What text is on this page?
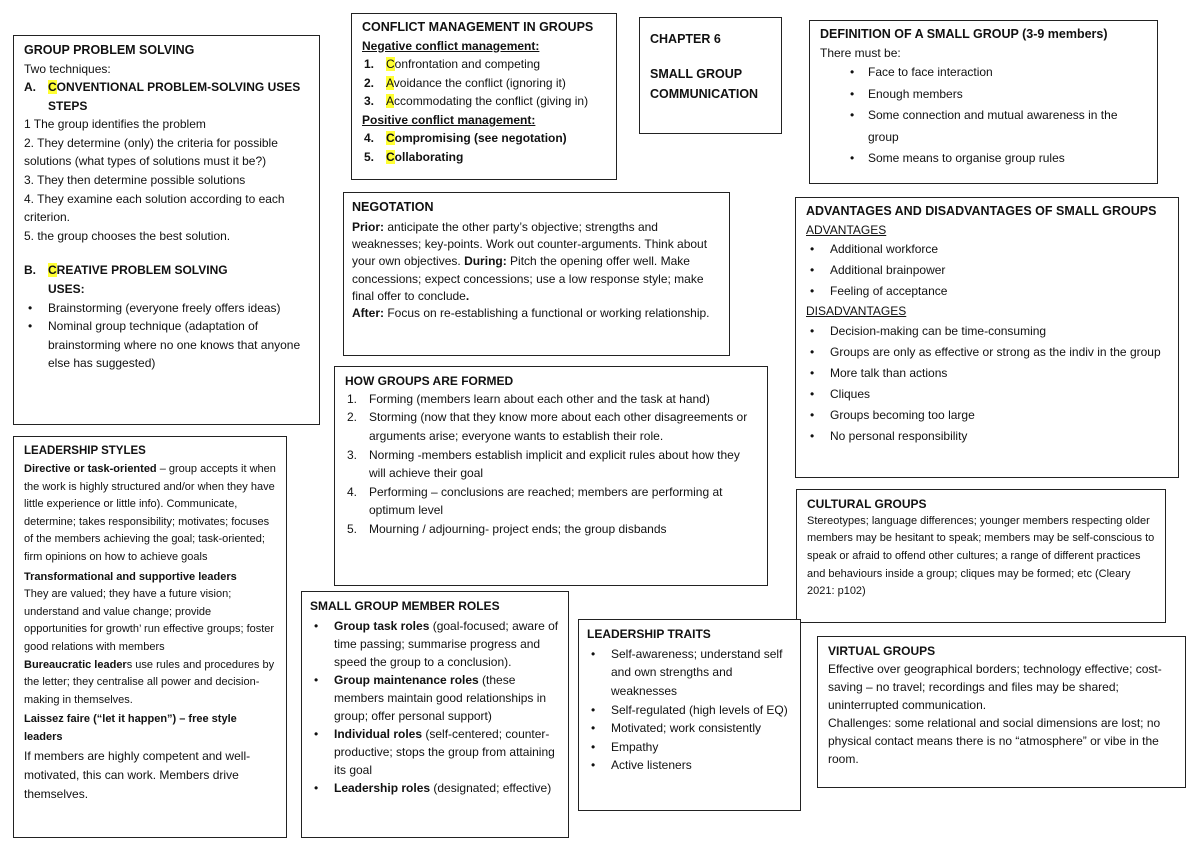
GROUP PROBLEM SOLVING

Two techniques:

A. CONVENTIONAL PROBLEM-SOLVING USES
STEPS

1 The group identifies the problem

2. They determine (only) the criteria for possible solutions (what types of solutions must it be?)

3. They then determine possible solutions

4. They examine each solution according to each criterion.

5. the group chooses the best solution.

B. CREATIVE PROBLEM SOLVING
USES:
• Brainstorming (everyone freely offers ideas)
• Nominal group technique (adaptation of brainstorming where no one knows that anyone else has suggested)
CONFLICT MANAGEMENT IN GROUPS
Negative conflict management:
1. Confrontation and competing
2. Avoidance the conflict (ignoring it)
3. Accommodating the conflict (giving in)
Positive conflict management:
4. Compromising (see negotation)
5. Collaborating
CHAPTER 6
SMALL GROUP
COMMUNICATION
DEFINITION OF A SMALL GROUP (3-9 members)

There must be:

• Face to face interaction
• Enough members
• Some connection and mutual awareness in the group
• Some means to organise group rules
NEGOTATION

Prior: anticipate the other party’s objective; strengths and weaknesses; key-points. Work out counter-arguments. Think about your own objectives. During: Pitch the opening offer well. Make concessions; expect concessions; use a low response style; make final offer to conclude.

After: Focus on re-establishing a functional or working relationship.

ADVANTAGES AND DISADVANTAGES OF SMALL GROUPS
ADVANTAGES
• Additional workforce
• Additional brainpower
• Feeling of acceptance
DISADVANTAGES
• Decision-making can be time-consuming
• Groups are only as effective or strong as the indiv in the group
• More talk than actions
• Cliques
• Groups becoming too large
• No personal responsibility
HOW GROUPS ARE FORMED
1. Forming (members learn about each other and the task at hand)
2. Storming (now that they know more about each other disagreements or arguments arise; everyone wants to establish their role.
3. Norming -members establish implicit and explicit rules about how they will achieve their goal
4. Performing – conclusions are reached; members are performing at optimum level
5. Mourning / adjourning- project ends; the group disbands
LEADERSHIP STYLES

Directive or task-oriented – group accepts it when the work is highly structured and/or when they have little experience or little info). Communicate, determine; takes responsibility; motivates; focuses of the members achieving the goal; task-oriented; firm opinions on how to achieve goals

Transformational and supportive leaders

They are valued; they have a future vision; understand and value change; provide opportunities for growth’ run effective groups; foster good relations with members

Bureaucratic leaders use rules and procedures by the letter; they centralise all power and decision-making in themselves.

Laissez faire (“let it happen”) – free style leaders

If members are highly competent and well-motivated, this can work. Members drive themselves.

CULTURAL GROUPS

Stereotypes; language differences; younger members respecting older members may be hesitant to speak; members may be self-conscious to speak or afraid to offend other cultures; a range of different practices and behaviours inside a group; cliques may be formed; etc (Cleary 2021: p102)

SMALL GROUP MEMBER ROLES
• Group task roles (goal-focused; aware of time passing; summarise progress and speed the group to a conclusion).
• Group maintenance roles (these members maintain good relationships in group; offer personal support)
• Individual roles (self-centered; counter-productive; stops the group from attaining its goal
• Leadership roles (designated; effective)
LEADERSHIP TRAITS
• Self-awareness; understand self and own strengths and weaknesses
• Self-regulated (high levels of EQ)
• Motivated; work consistently
• Empathy
• Active listeners
VIRTUAL GROUPS

Effective over geographical borders; technology effective; cost-saving – no travel; recordings and files may be shared; uninterrupted communication.

Challenges: some relational and social dimensions are lost; no physical contact means there is no “atmosphere” or vibe in the room.
